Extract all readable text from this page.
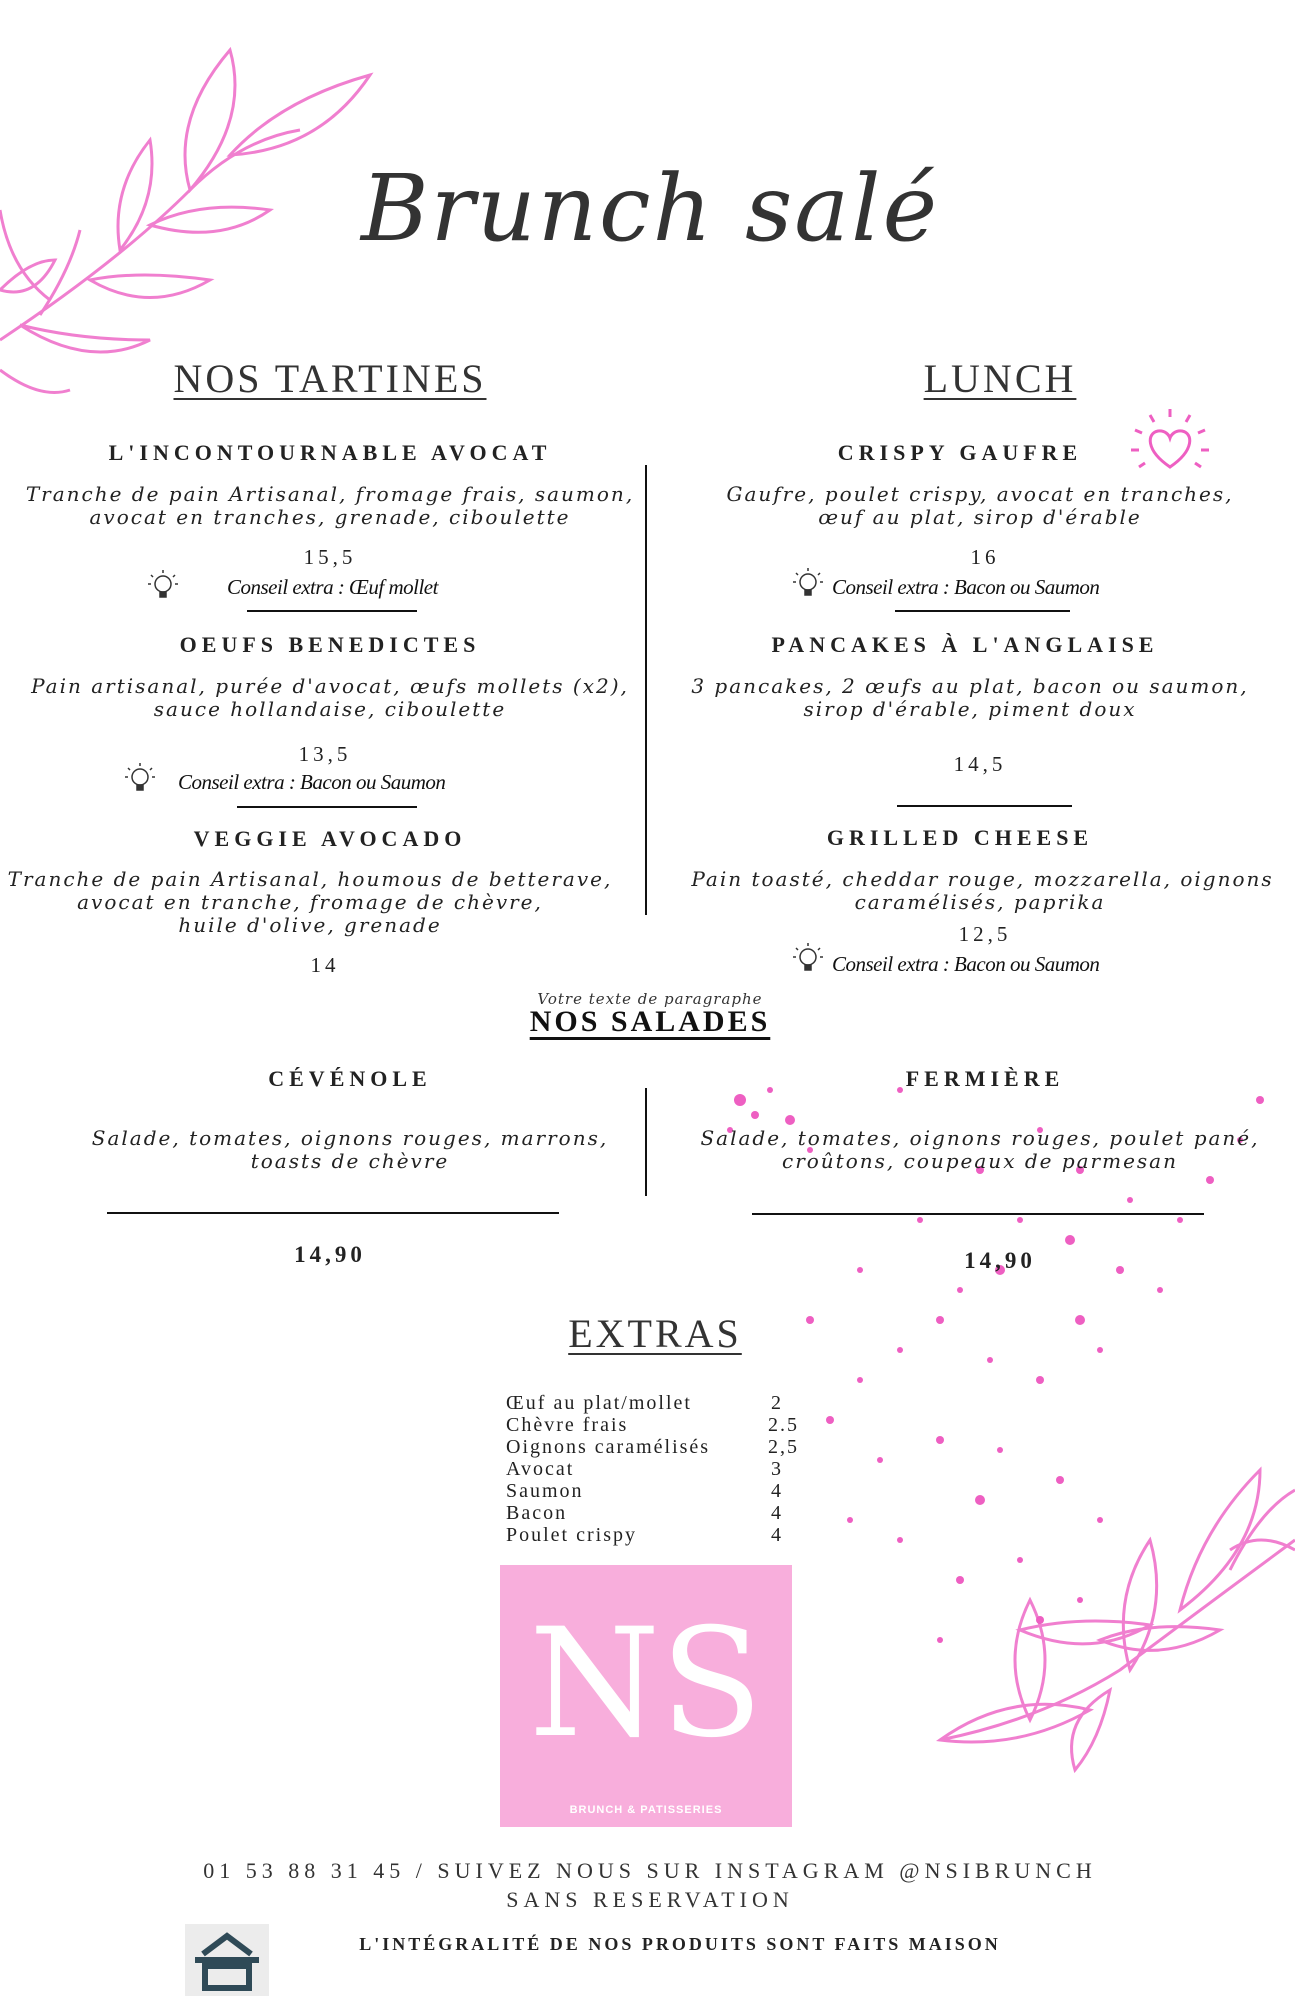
Brunch salé
NOS TARTINES	LUNCH
L'INCONTOURNABLE AVOCAT
Tranche de pain Artisanal, fromage frais, saumon,
avocat en tranches, grenade, ciboulette
15,5
Conseil extra : Œuf mollet
OEUFS BENEDICTES
Pain artisanal, purée d'avocat, œufs mollets (x2),
sauce hollandaise, ciboulette
13,5
Conseil extra : Bacon ou Saumon
VEGGIE AVOCADO
Tranche de pain Artisanal, houmous de betterave,
avocat en tranche, fromage de chèvre,
huile d'olive, grenade
14
CRISPY GAUFRE
Gaufre, poulet crispy, avocat en tranches,
œuf au plat, sirop d'érable
16
Conseil extra : Bacon ou Saumon
PANCAKES À L'ANGLAISE
3 pancakes, 2 œufs au plat, bacon ou saumon,
sirop d'érable, piment doux
14,5
GRILLED CHEESE
Pain toasté, cheddar rouge, mozzarella, oignons
caramélisés, paprika
12,5
Conseil extra : Bacon ou Saumon
Votre texte de paragraphe
NOS SALADES
CÉVÉNOLE
Salade, tomates, oignons rouges, marrons,
toasts de chèvre
14,90
FERMIÈRE
Salade, tomates, oignons rouges, poulet pané,
croûtons, coupeaux de parmesan
14,90
EXTRAS
Œuf au plat/mollet	2
Chèvre frais	2.5
Oignons caramélisés	2,5
Avocat	3
Saumon	4
Bacon	4
Poulet crispy	4
NS
BRUNCH & PATISSERIES
01 53 88 31 45 / SUIVEZ NOUS SUR INSTAGRAM @NSIBRUNCH
SANS RESERVATION
L'INTÉGRALITÉ DE NOS PRODUITS SONT FAITS MAISON
